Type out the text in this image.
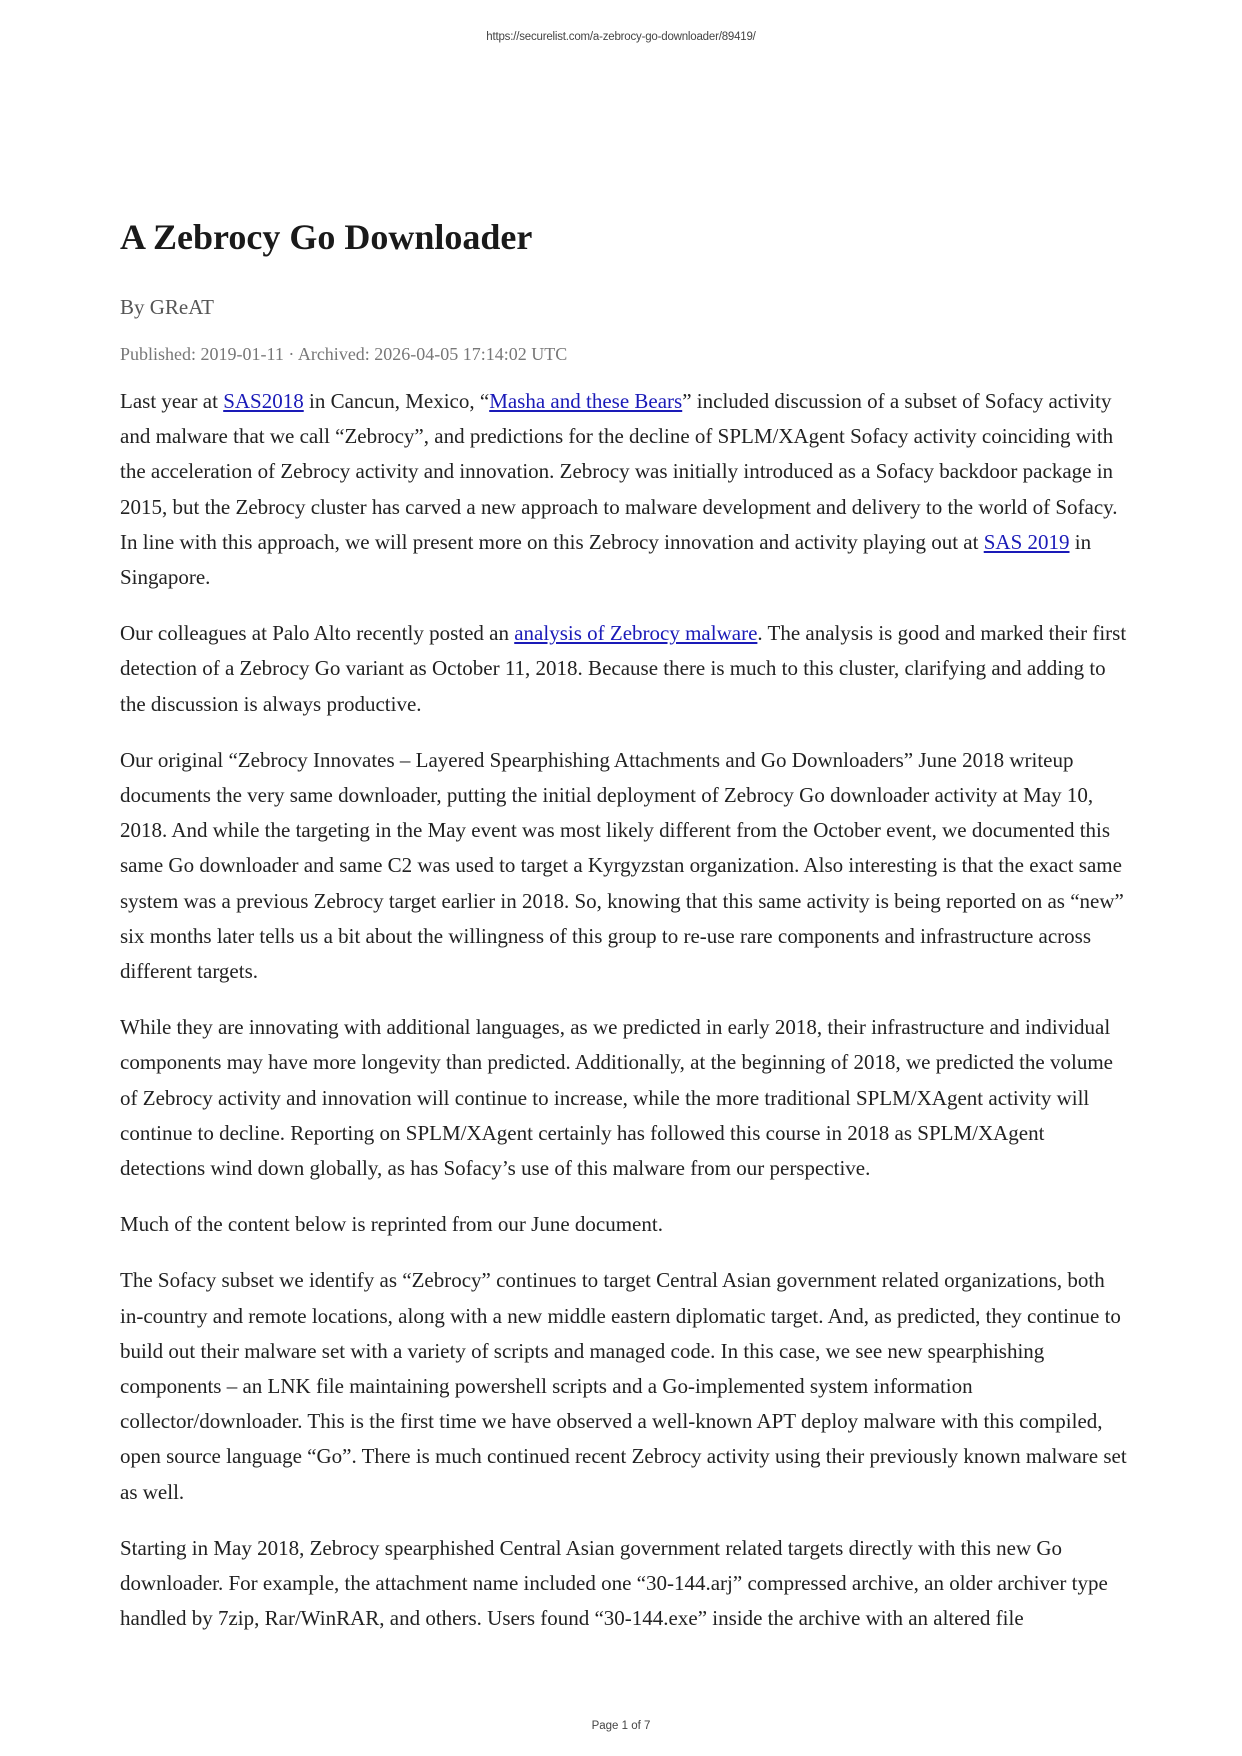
https://securelist.com/a-zebrocy-go-downloader/89419/
A Zebrocy Go Downloader
By GReAT
Published: 2019-01-11 · Archived: 2026-04-05 17:14:02 UTC

Last year at SAS2018 in Cancun, Mexico, “Masha and these Bears” included discussion of a subset of Sofacy activity and malware that we call “Zebrocy”, and predictions for the decline of SPLM/XAgent Sofacy activity coinciding with the acceleration of Zebrocy activity and innovation. Zebrocy was initially introduced as a Sofacy backdoor package in 2015, but the Zebrocy cluster has carved a new approach to malware development and delivery to the world of Sofacy. In line with this approach, we will present more on this Zebrocy innovation and activity playing out at SAS 2019 in Singapore.

Our colleagues at Palo Alto recently posted an analysis of Zebrocy malware. The analysis is good and marked their first detection of a Zebrocy Go variant as October 11, 2018. Because there is much to this cluster, clarifying and adding to the discussion is always productive.

Our original “Zebrocy Innovates – Layered Spearphishing Attachments and Go Downloaders” June 2018 writeup documents the very same downloader, putting the initial deployment of Zebrocy Go downloader activity at May 10, 2018. And while the targeting in the May event was most likely different from the October event, we documented this same Go downloader and same C2 was used to target a Kyrgyzstan organization. Also interesting is that the exact same system was a previous Zebrocy target earlier in 2018. So, knowing that this same activity is being reported on as “new” six months later tells us a bit about the willingness of this group to re-use rare components and infrastructure across different targets.

While they are innovating with additional languages, as we predicted in early 2018, their infrastructure and individual components may have more longevity than predicted. Additionally, at the beginning of 2018, we predicted the volume of Zebrocy activity and innovation will continue to increase, while the more traditional SPLM/XAgent activity will continue to decline. Reporting on SPLM/XAgent certainly has followed this course in 2018 as SPLM/XAgent detections wind down globally, as has Sofacy’s use of this malware from our perspective.

Much of the content below is reprinted from our June document.

The Sofacy subset we identify as “Zebrocy” continues to target Central Asian government related organizations, both in-country and remote locations, along with a new middle eastern diplomatic target. And, as predicted, they continue to build out their malware set with a variety of scripts and managed code. In this case, we see new spearphishing components – an LNK file maintaining powershell scripts and a Go-implemented system information collector/downloader. This is the first time we have observed a well-known APT deploy malware with this compiled, open source language “Go”. There is much continued recent Zebrocy activity using their previously known malware set as well.

Starting in May 2018, Zebrocy spearphished Central Asian government related targets directly with this new Go downloader. For example, the attachment name included one “30-144.arj” compressed archive, an older archiver type handled by 7zip, Rar/WinRAR, and others. Users found “30-144.exe” inside the archive with an altered file

Page 1 of 7
